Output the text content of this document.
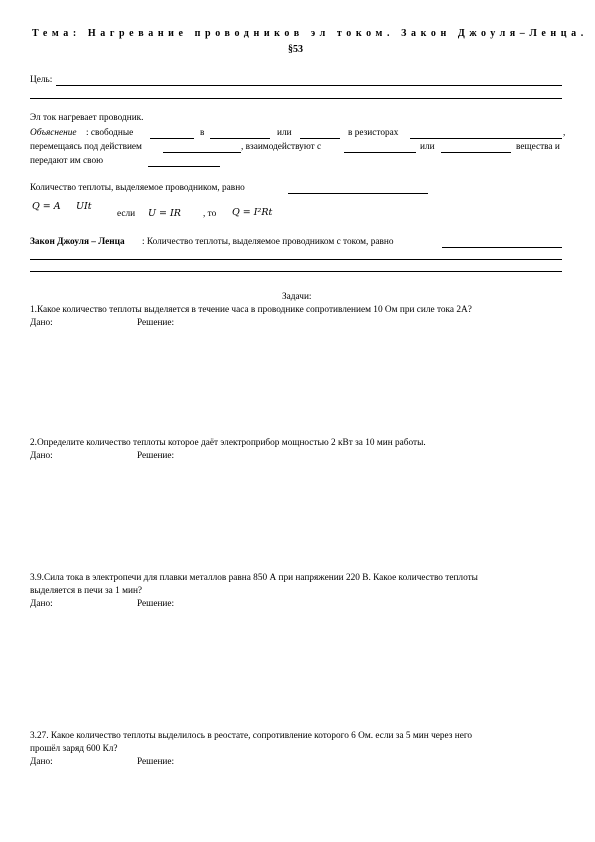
Тема: Нагревание проводников эл током. Закон Джоуля–Ленца.
§53
Цель:
Эл ток нагревает проводник.
Объяснение : свободные	в	или	в резисторах	,
перемещаясь под действием	, взаимодействуют с	или	вещества и
передают им свою
Количество теплоты, выделяемое проводником, равно
Q = A UIt
если U = IR , то Q = I²Rt
Закон Джоуля – Ленца : Количество теплоты, выделяемое проводником с током, равно
Задачи:
1.Какое количество теплоты выделяется в течение часа в проводнике сопротивлением 10 Ом при силе тока 2А?
Дано:	Решение:
2.Определите количество теплоты которое даёт электроприбор мощностью 2 кВт за 10 мин работы.
Дано:	Решение:
3.9.Сила тока в электропечи для плавки металлов равна 850 А при напряжении 220 В. Какое количество теплоты
выделяется в печи за 1 мин?
Дано:	Решение:
3.27. Какое количество теплоты выделилось в реостате, сопротивление которого 6 Ом. если за 5 мин через него
прошёл заряд 600 Кл?
Дано:	Решение:
